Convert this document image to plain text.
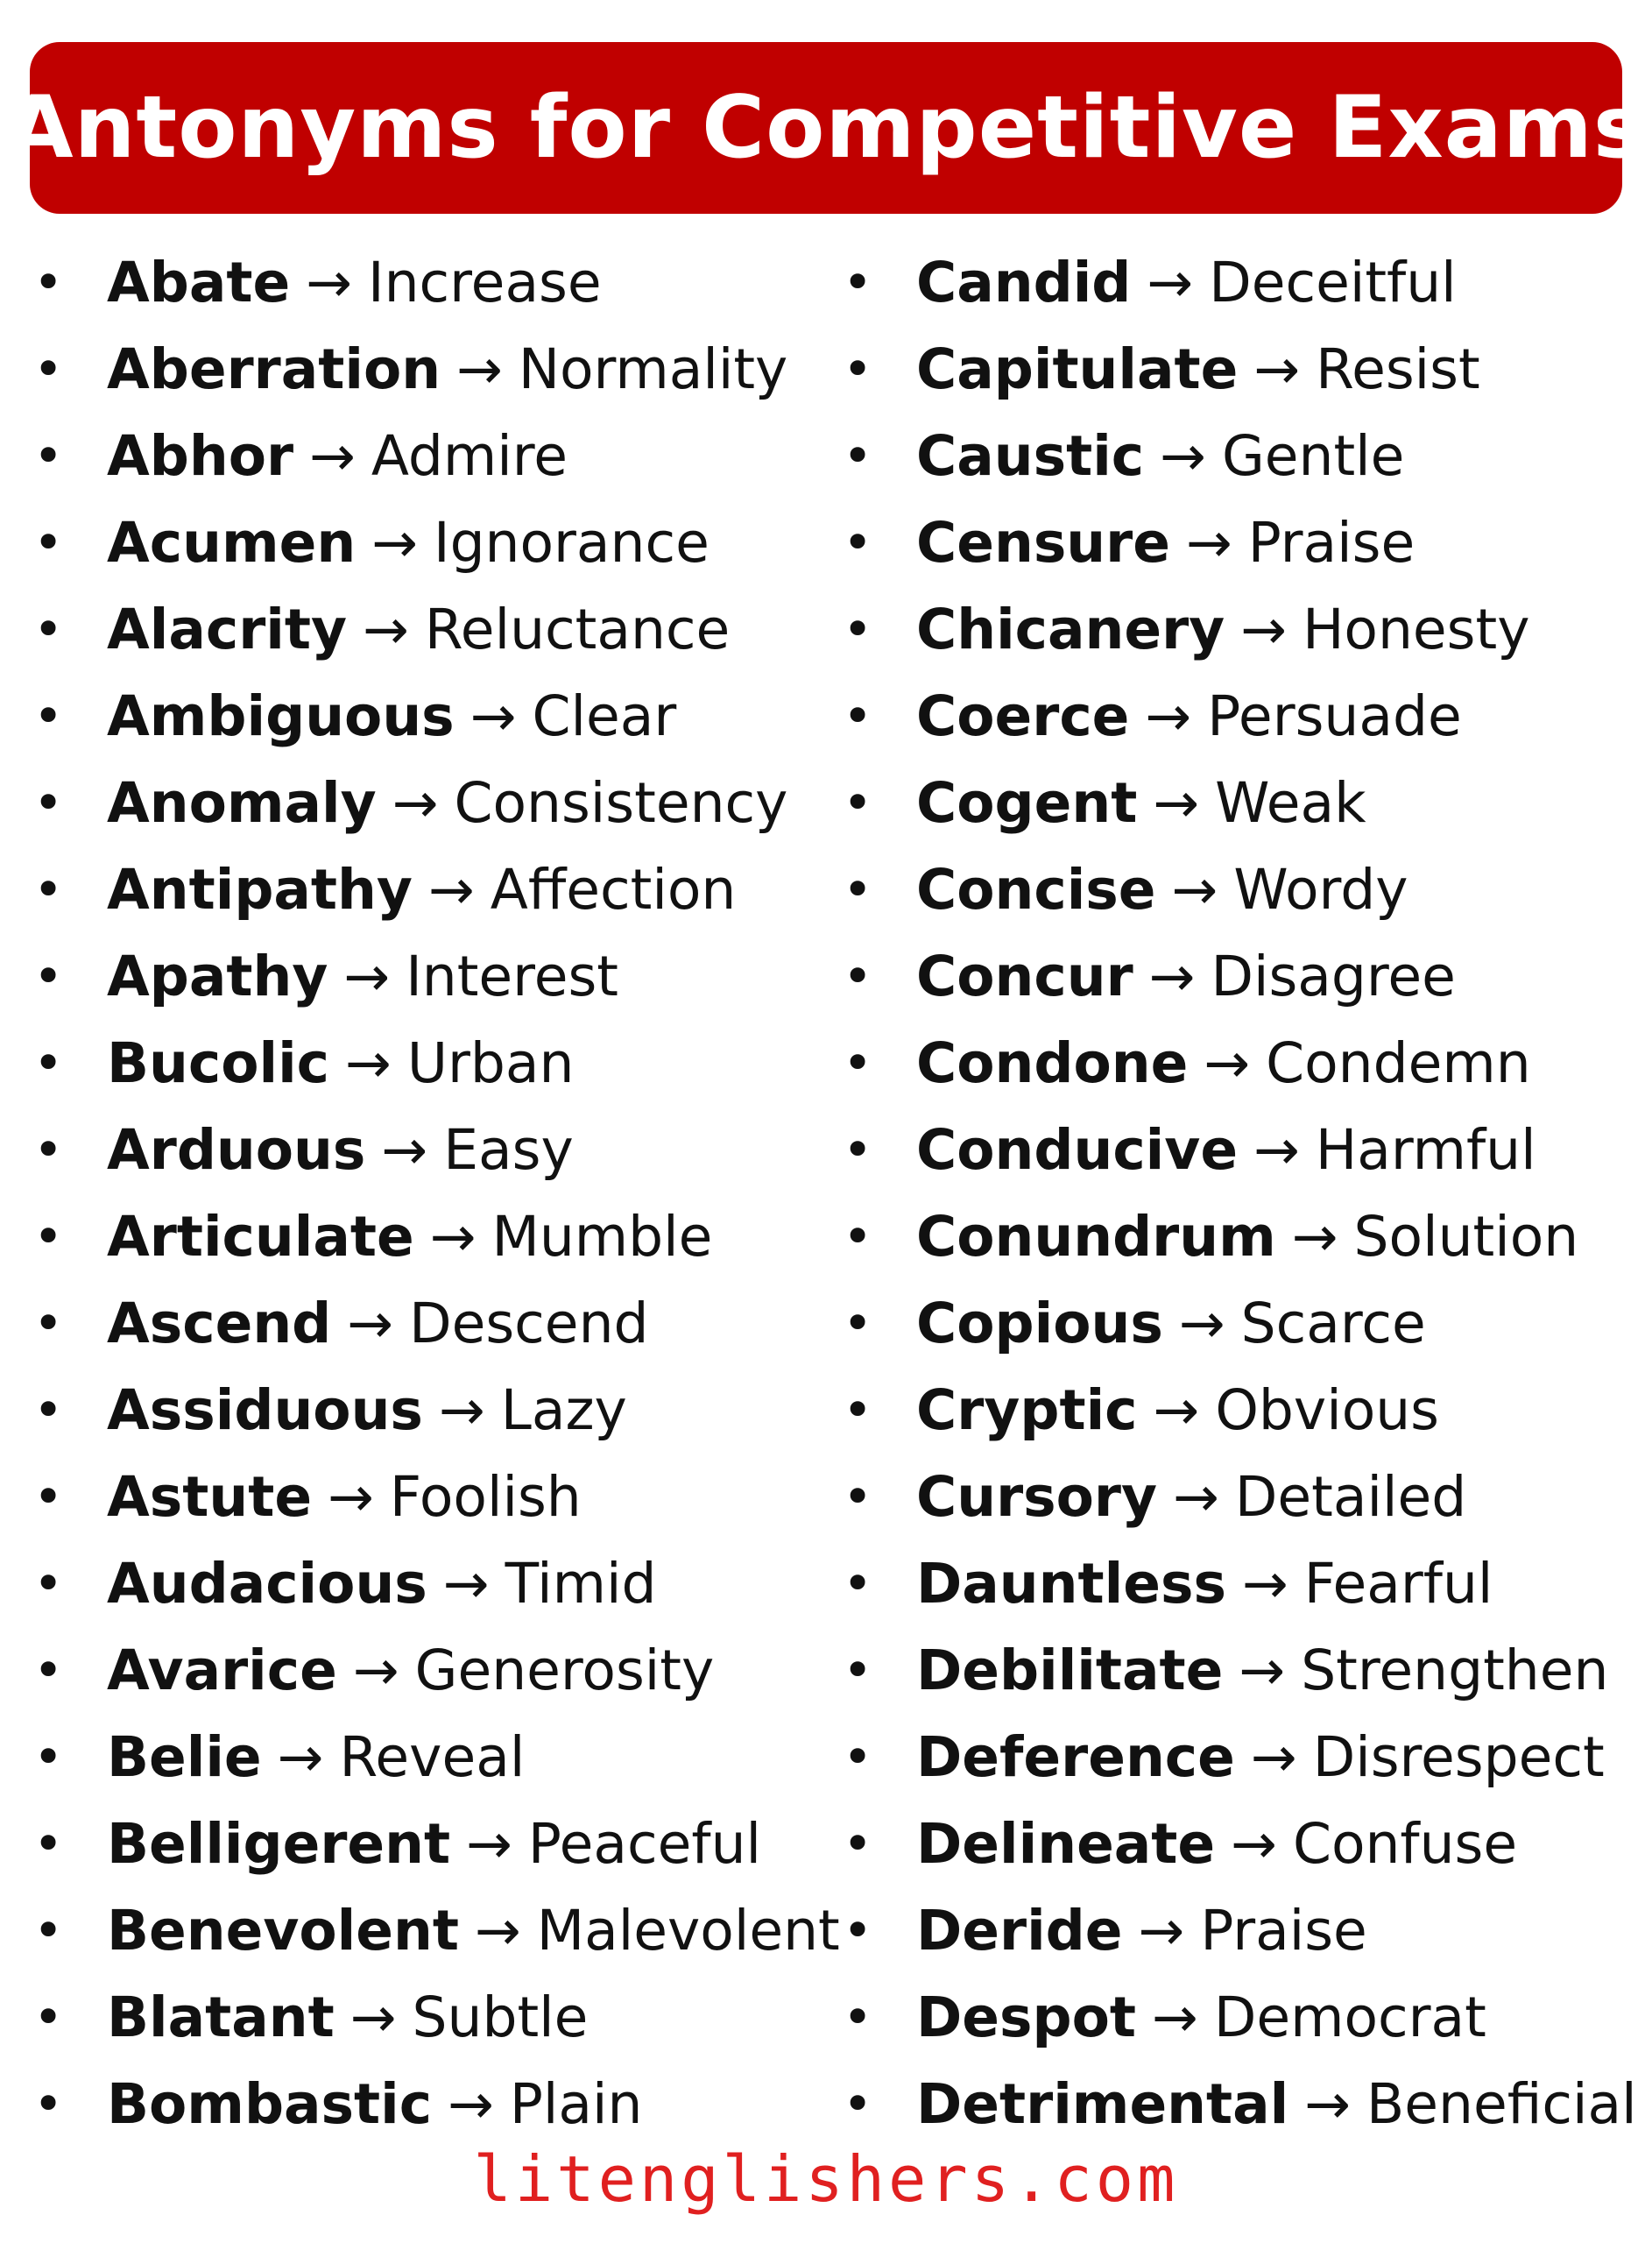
Antonyms for Competitive Exams
• Abate → Increase
• Aberration → Normality
• Abhor → Admire
• Acumen → Ignorance
• Alacrity → Reluctance
• Ambiguous → Clear
• Anomaly → Consistency
• Antipathy → Affection
• Apathy → Interest
• Bucolic → Urban
• Arduous → Easy
• Articulate → Mumble
• Ascend → Descend
• Assiduous → Lazy
• Astute → Foolish
• Audacious → Timid
• Avarice → Generosity
• Belie → Reveal
• Belligerent → Peaceful
• Benevolent → Malevolent
• Blatant → Subtle
• Bombastic → Plain
• Candid → Deceitful
• Capitulate → Resist
• Caustic → Gentle
• Censure → Praise
• Chicanery → Honesty
• Coerce → Persuade
• Cogent → Weak
• Concise → Wordy
• Concur → Disagree
• Condone → Condemn
• Conducive → Harmful
• Conundrum → Solution
• Copious → Scarce
• Cryptic → Obvious
• Cursory → Detailed
• Dauntless → Fearful
• Debilitate → Strengthen
• Deference → Disrespect
• Delineate → Confuse
• Deride → Praise
• Despot → Democrat
• Detrimental → Beneficial
litenglishers.com
